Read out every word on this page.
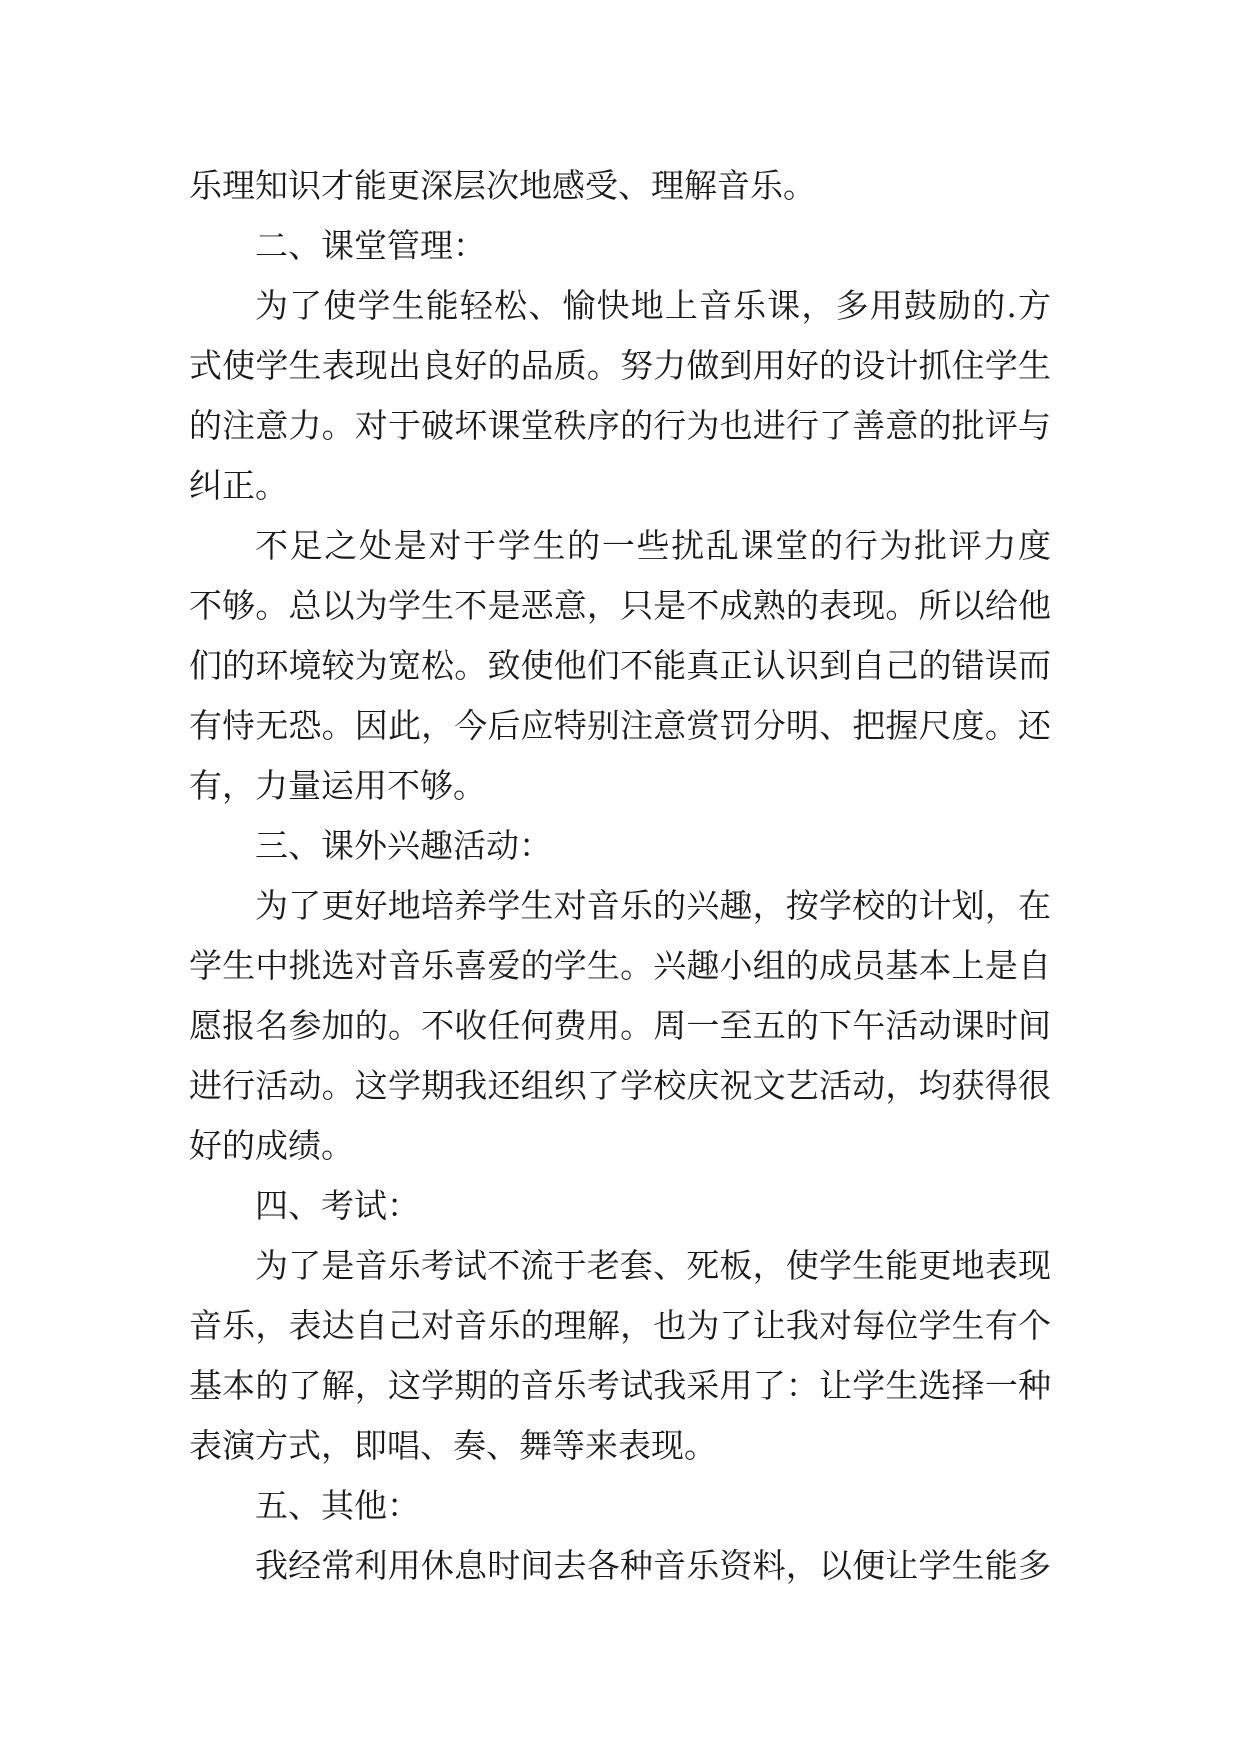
乐理知识才能更深层次地感受、理解音乐。
二、课堂管理：
为了使学生能轻松、愉快地上音乐课，多用鼓励的.方
式使学生表现出良好的品质。努力做到用好的设计抓住学生
的注意力。对于破坏课堂秩序的行为也进行了善意的批评与
纠正。
不足之处是对于学生的一些扰乱课堂的行为批评力度
不够。总以为学生不是恶意，只是不成熟的表现。所以给他
们的环境较为宽松。致使他们不能真正认识到自己的错误而
有恃无恐。因此，今后应特别注意赏罚分明、把握尺度。还
有，力量运用不够。
三、课外兴趣活动：
为了更好地培养学生对音乐的兴趣，按学校的计划，在
学生中挑选对音乐喜爱的学生。兴趣小组的成员基本上是自
愿报名参加的。不收任何费用。周一至五的下午活动课时间
进行活动。这学期我还组织了学校庆祝文艺活动，均获得很
好的成绩。
四、考试：
为了是音乐考试不流于老套、死板，使学生能更地表现
音乐，表达自己对音乐的理解，也为了让我对每位学生有个
基本的了解，这学期的音乐考试我采用了：让学生选择一种
表演方式，即唱、奏、舞等来表现。
五、其他：
我经常利用休息时间去各种音乐资料，以便让学生能多
